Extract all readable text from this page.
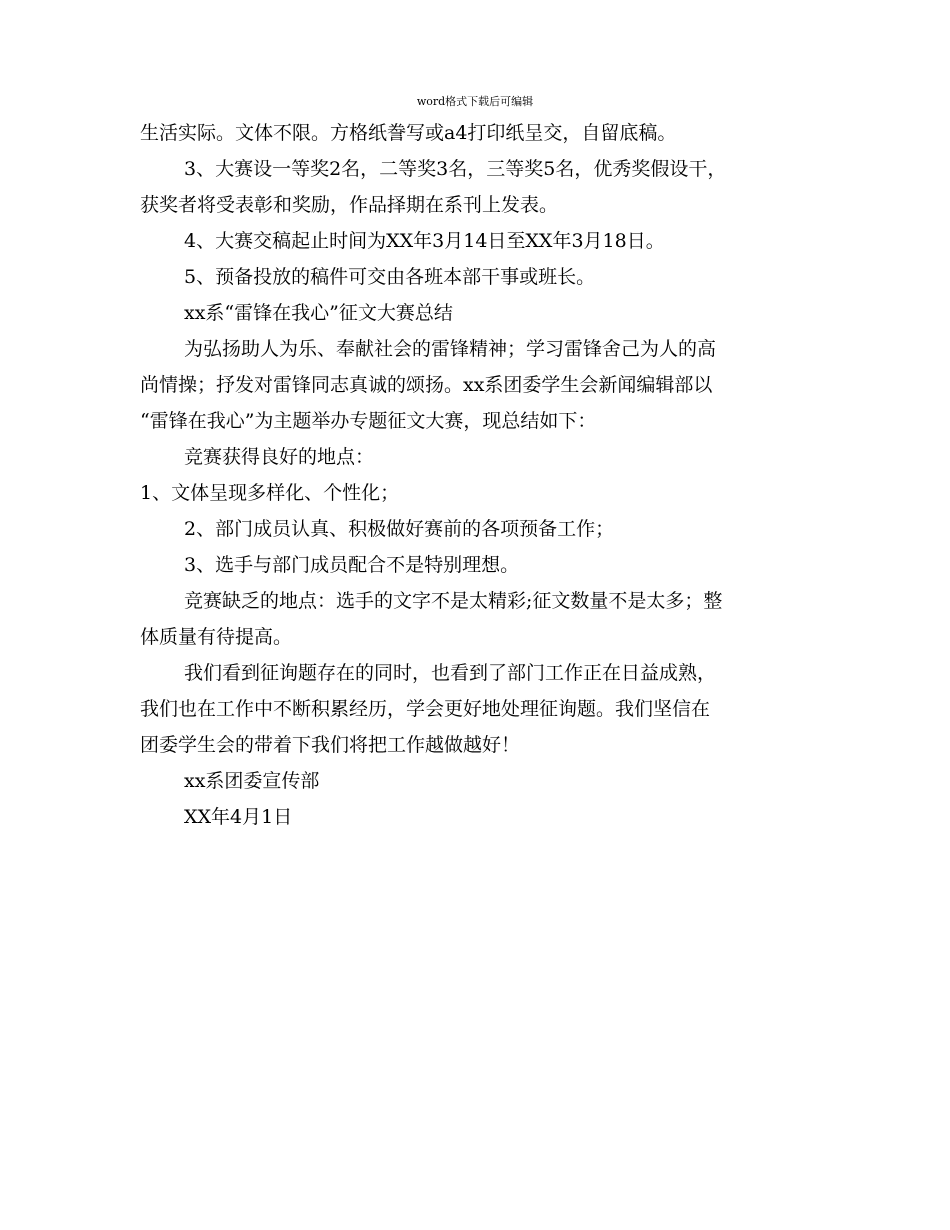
word格式下载后可编辑
生活实际。文体不限。方格纸誊写或a4打印纸呈交，自留底稿。
3、大赛设一等奖2名，二等奖3名，三等奖5名，优秀奖假设干，
获奖者将受表彰和奖励，作品择期在系刊上发表。
4、大赛交稿起止时间为XX年3月14日至XX年3月18日。
5、预备投放的稿件可交由各班本部干事或班长。
xx系“雷锋在我心”征文大赛总结
为弘扬助人为乐、奉献社会的雷锋精神；学习雷锋舍己为人的高
尚情操；抒发对雷锋同志真诚的颂扬。xx系团委学生会新闻编辑部以
“雷锋在我心”为主题举办专题征文大赛，现总结如下：
竞赛获得良好的地点：
1、文体呈现多样化、个性化；
2、部门成员认真、积极做好赛前的各项预备工作；
3、选手与部门成员配合不是特别理想。
竞赛缺乏的地点：选手的文字不是太精彩;征文数量不是太多；整
体质量有待提高。
我们看到征询题存在的同时，也看到了部门工作正在日益成熟，
我们也在工作中不断积累经历，学会更好地处理征询题。我们坚信在
团委学生会的带着下我们将把工作越做越好！
xx系团委宣传部
XX年4月1日
